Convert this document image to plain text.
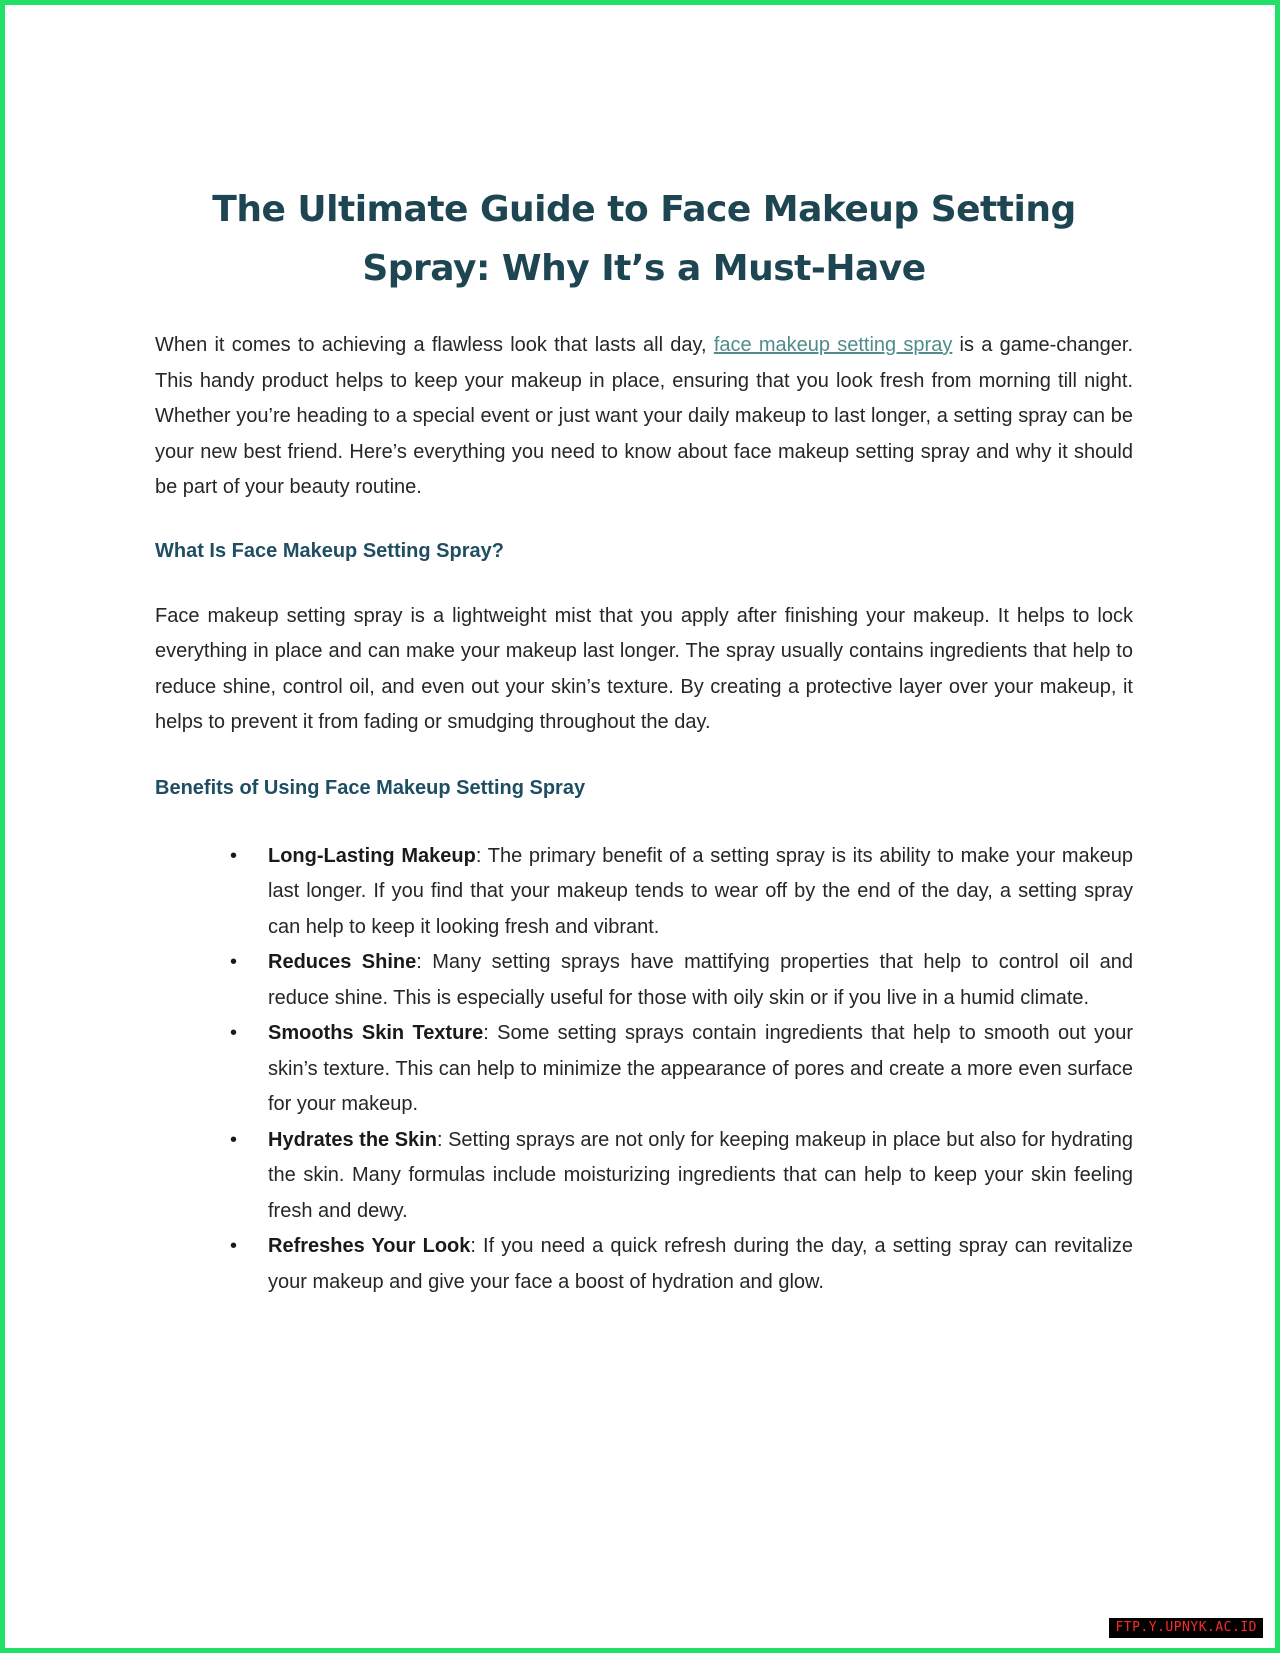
The Ultimate Guide to Face Makeup Setting Spray: Why It’s a Must-Have

When it comes to achieving a flawless look that lasts all day, face makeup setting spray is a game-changer. This handy product helps to keep your makeup in place, ensuring that you look fresh from morning till night. Whether you’re heading to a special event or just want your daily makeup to last longer, a setting spray can be your new best friend. Here’s everything you need to know about face makeup setting spray and why it should be part of your beauty routine.

What Is Face Makeup Setting Spray?

Face makeup setting spray is a lightweight mist that you apply after finishing your makeup. It helps to lock everything in place and can make your makeup last longer. The spray usually contains ingredients that help to reduce shine, control oil, and even out your skin’s texture. By creating a protective layer over your makeup, it helps to prevent it from fading or smudging throughout the day.

Benefits of Using Face Makeup Setting Spray
• Long-Lasting Makeup: The primary benefit of a setting spray is its ability to make your makeup last longer. If you find that your makeup tends to wear off by the end of the day, a setting spray can help to keep it looking fresh and vibrant.
• Reduces Shine: Many setting sprays have mattifying properties that help to control oil and reduce shine. This is especially useful for those with oily skin or if you live in a humid climate.
• Smooths Skin Texture: Some setting sprays contain ingredients that help to smooth out your skin’s texture. This can help to minimize the appearance of pores and create a more even surface for your makeup.
• Hydrates the Skin: Setting sprays are not only for keeping makeup in place but also for hydrating the skin. Many formulas include moisturizing ingredients that can help to keep your skin feeling fresh and dewy.
• Refreshes Your Look: If you need a quick refresh during the day, a setting spray can revitalize your makeup and give your face a boost of hydration and glow.
FTP.Y.UPNYK.AC.ID
